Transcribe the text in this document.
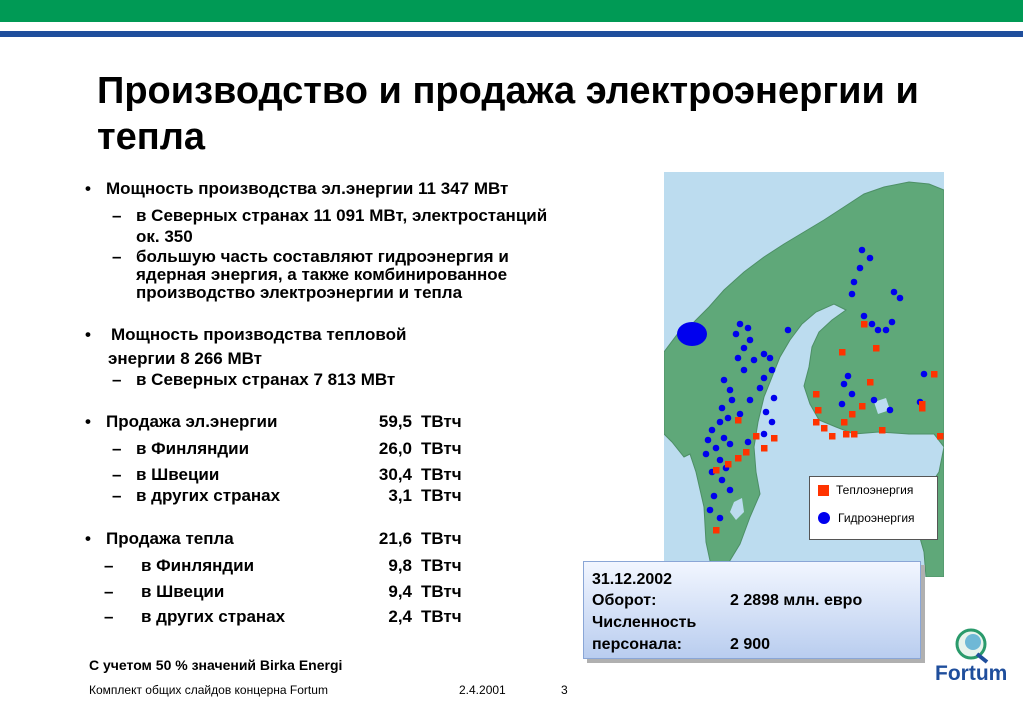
Производство и продажа электроэнергии и тепла
• Мощность производства эл.энергии 11 347 МВт
– в Северных странах 11 091 МВт, электростанций
ок. 350
– большую часть составляют гидроэнергия и
ядерная энергия, а также комбинированное
производство электроэнергии и тепла
• Мощность производства тепловой
энергии 8 266 МВт
– в Северных странах 7 813 МВт
• Продажа эл.энергии	59,5 ТВтч
– в Финляндии	26,0 ТВтч
– в Швеции	30,4 ТВтч
– в других странах	3,1 ТВтч
• Продажа тепла	21,6 ТВтч
– в Финляндии	9,8 ТВтч
– в Швеции	9,4 ТВтч
– в других странах	2,4 ТВтч
С учетом 50 % значений Birka Energi
Комплект общих слайдов концерна Fortum	2.4.2001	3
Теплоэнергия
Гидроэнергия
31.12.2002
Оборот:	2 2898 млн. евро
Численность
персонала:	2 900
Fortum
